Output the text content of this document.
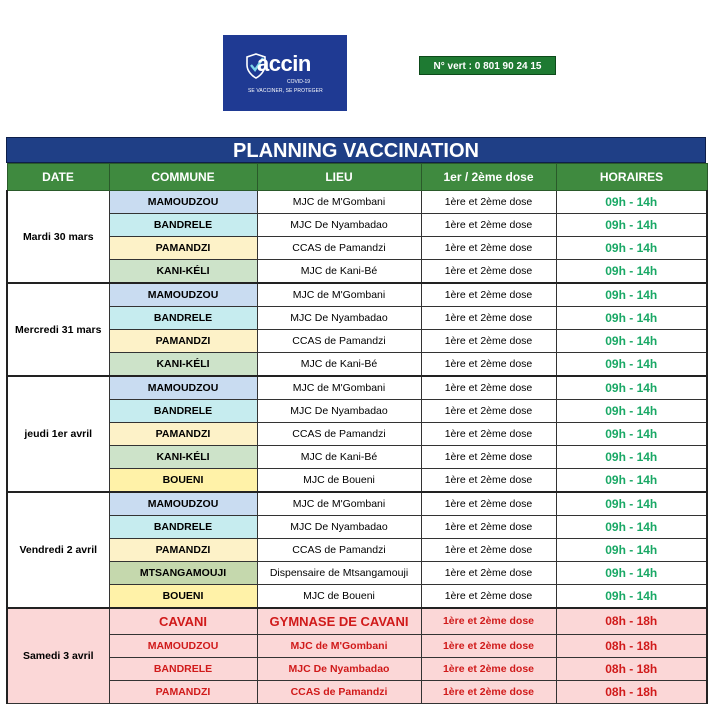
accin
COVID-19
SE VACCINER, SE PROTEGER
N° vert : 0 801 90 24 15
PLANNING VACCINATION
DATE	COMMUNE	LIEU	1er / 2ème dose	HORAIRES
Mardi 30 mars	MAMOUDZOU	MJC de M'Gombani	1ère et 2ème dose	09h - 14h
	BANDRELE	MJC De Nyambadao	1ère et 2ème dose	09h - 14h
	PAMANDZI	CCAS de Pamandzi	1ère et 2ème dose	09h - 14h
	KANI-KÉLI	MJC de Kani-Bé	1ère et 2ème dose	09h - 14h
Mercredi 31 mars	MAMOUDZOU	MJC de M'Gombani	1ère et 2ème dose	09h - 14h
	BANDRELE	MJC De Nyambadao	1ère et 2ème dose	09h - 14h
	PAMANDZI	CCAS de Pamandzi	1ère et 2ème dose	09h - 14h
	KANI-KÉLI	MJC de Kani-Bé	1ère et 2ème dose	09h - 14h
jeudi 1er avril	MAMOUDZOU	MJC de M'Gombani	1ère et 2ème dose	09h - 14h
	BANDRELE	MJC De Nyambadao	1ère et 2ème dose	09h - 14h
	PAMANDZI	CCAS de Pamandzi	1ère et 2ème dose	09h - 14h
	KANI-KÉLI	MJC de Kani-Bé	1ère et 2ème dose	09h - 14h
	BOUENI	MJC de Boueni	1ère et 2ème dose	09h - 14h
Vendredi 2 avril	MAMOUDZOU	MJC de M'Gombani	1ère et 2ème dose	09h - 14h
	BANDRELE	MJC De Nyambadao	1ère et 2ème dose	09h - 14h
	PAMANDZI	CCAS de Pamandzi	1ère et 2ème dose	09h - 14h
	MTSANGAMOUJI	Dispensaire de Mtsangamouji	1ère et 2ème dose	09h - 14h
	BOUENI	MJC de Boueni	1ère et 2ème dose	09h - 14h
Samedi 3 avril	CAVANI	GYMNASE DE CAVANI	1ère et 2ème dose	08h - 18h
	MAMOUDZOU	MJC de M'Gombani	1ère et 2ème dose	08h - 18h
	BANDRELE	MJC De Nyambadao	1ère et 2ème dose	08h - 18h
	PAMANDZI	CCAS de Pamandzi	1ère et 2ème dose	08h - 18h
